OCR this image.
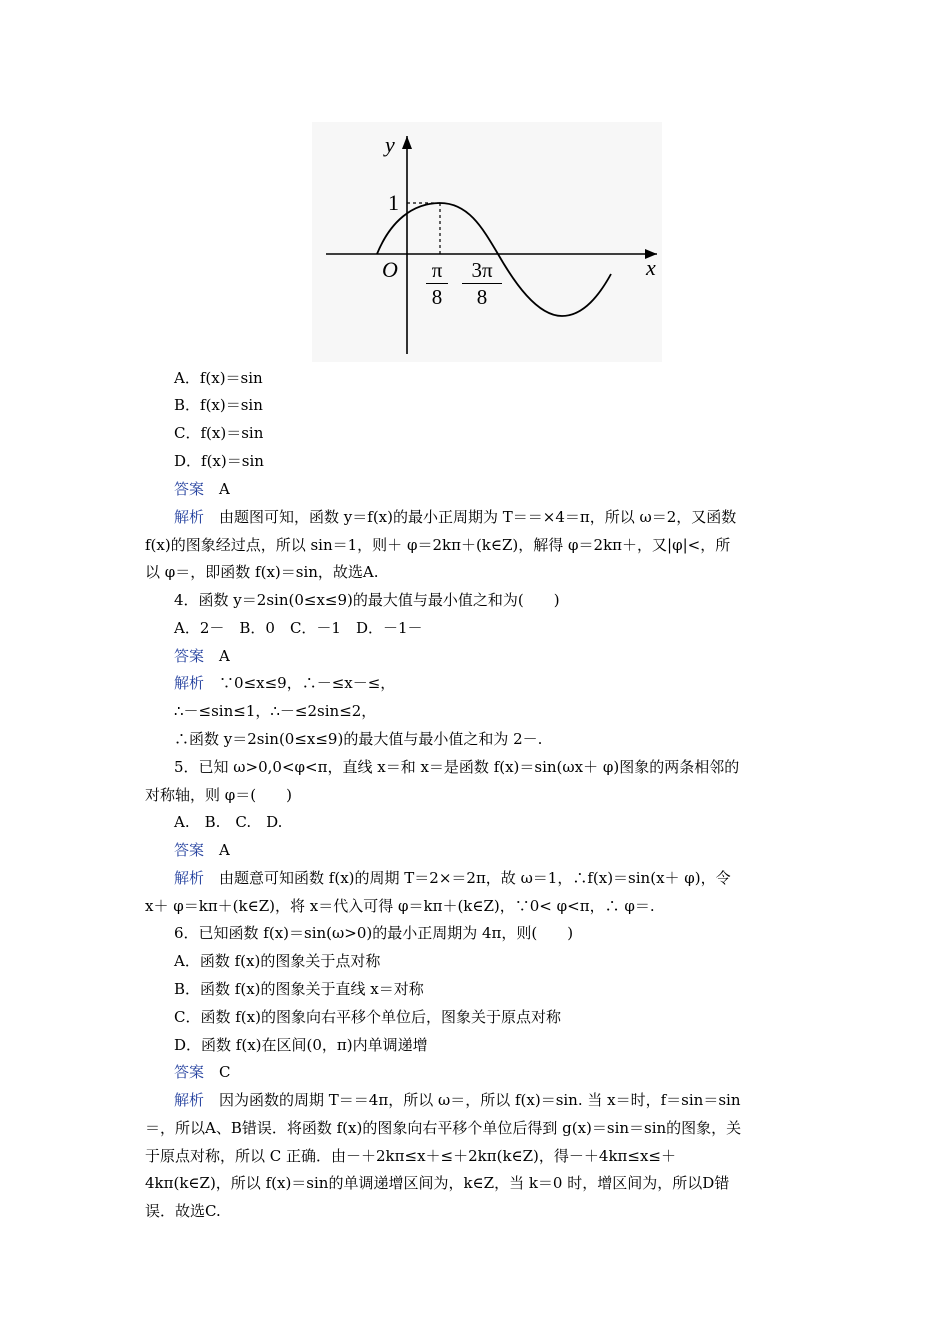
y
x
O
1
π
8
3π
8
A．f(x)＝sin
B．f(x)＝sin
C．f(x)＝sin
D．f(x)＝sin
答案　 A
解析　 由题图可知，函数 y＝f(x)的最小正周期为 T＝＝×4＝π，所以 ω＝2，又函数
f(x)的图象经过点，所以 sin＝1，则＋ φ＝2kπ＋(k∈Z)，解得 φ＝2kπ＋，又|φ|<，所
以 φ＝，即函数 f(x)＝sin，故选A.
4．函数 y＝2sin(0≤x≤9)的最大值与最小值之和为(　　)
A．2－　B．0　C．－1　D．－1－
答案　 A
解析　 ∵0≤x≤9，∴－≤x－≤，
∴－≤sin≤1，∴－≤2sin≤2，
∴函数 y＝2sin(0≤x≤9)的最大值与最小值之和为 2－.
5．已知 ω>0,0<φ<π，直线 x＝和 x＝是函数 f(x)＝sin(ωx＋ φ)图象的两条相邻的
对称轴，则 φ＝(　　)
A.　B.　C.　D.
答案　 A
解析　 由题意可知函数 f(x)的周期 T＝2×＝2π，故 ω＝1，∴f(x)＝sin(x＋ φ)，令
x＋ φ＝kπ＋(k∈Z)，将 x＝代入可得 φ＝kπ＋(k∈Z)，∵0< φ<π，∴ φ＝.
6．已知函数 f(x)＝sin(ω>0)的最小正周期为 4π，则(　　)
A．函数 f(x)的图象关于点对称
B．函数 f(x)的图象关于直线 x＝对称
C．函数 f(x)的图象向右平移个单位后，图象关于原点对称
D．函数 f(x)在区间(0，π)内单调递增
答案　 C
解析　 因为函数的周期 T＝＝4π，所以 ω＝，所以 f(x)＝sin. 当 x＝时，f＝sin＝sin
＝，所以A、B错误．将函数 f(x)的图象向右平移个单位后得到 g(x)＝sin＝sin的图象，关
于原点对称，所以 C 正确．由－＋2kπ≤x＋≤＋2kπ(k∈Z)，得－＋4kπ≤x≤＋
4kπ(k∈Z)，所以 f(x)＝sin的单调递增区间为，k∈Z，当 k＝0 时，增区间为，所以D错
误．故选C.
